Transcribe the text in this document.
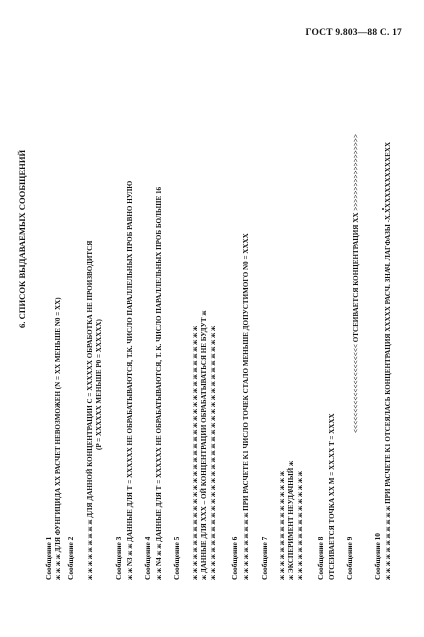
ГОСТ 9.803—88 С. 17
6. СПИСОК ВЫДАВАЕМЫХ СООБЩЕНИЙ
Сообщение 1 ж ж ж ж ДЛЯ ФУНГИЦИДА XX РАСЧЕТ НЕВОЗМОЖЕН (N = XX МЕНЬШЕ N0 = XX) Сообщение 2 ж ж ж ж ж ж ж ж ж ДЛЯ ДАННОЙ КОНЦЕНТРАЦИИ С = XXXXXX ОБРАБОТКА НЕ ПРОИЗВОДИТСЯ (P = XXXXXX МЕНЬШЕ P0 = XXXXXX)
Сообщение 3 ж ж N3 ж ж ДАННЫЕ ДЛЯ Т = XXXXXX НЕ ОБРАБАТЫВАЮТСЯ, Т.К. ЧИСЛО ПАРАЛЛЕЛЬНЫХ ПРОБ РАВНО НУЛЮ Сообщение 4 ж ж N4 ж ж ДАННЫЕ ДЛЯ Т = XXXXXX НЕ ОБРАБАТЫВАЮТСЯ, Т. К. ЧИСЛО ПАРАЛЛЕЛЬНЫХ ПРОБ БОЛЬШЕ 16 Сообщение 5 ж ж ж ж ж ж ж ж ж ж ж ж ж ж ж ж ж ж ж ж ж ж ж ж ж ж ж ж ж ж ж ж ж ж ж ж ж ж ДАННЫЕ ДЛЯ XXX – ОЙ КОНЦЕНТРАЦИИ ОБРАБАТЫВАТЬСЯ НЕ БУДУТ ж ж ж ж ж ж ж ж ж ж ж ж ж ж ж ж ж ж ж ж ж ж ж ж ж ж ж ж ж ж ж ж ж ж ж ж ж ж Сообщение 6 ж ж ж ж ж ж ж ж ж ж ПРИ РАСЧЕТЕ K1 ЧИСЛО ТОЧЕК СТАЛО МЕНЬШЕ ДОПУСТИМОГО N0 = XXXX Сообщение 7 ж ж ж ж ж ж ж ж ж ж ж ж ж ж ж ж ж ЭКСПЕРИМЕНТ НЕУДАЧНЫЙ ж ж ж ж ж ж ж ж ж ж ж ж ж ж ж ж ж Сообщение 8 ОТСЕИВАЕТСЯ ТОЧКА XX М = XX.XX T = XXXX Сообщение 9
<<<<<<<<<<<<<<<<<<<<<< ОТСЕИВАЕТСЯ КОНЦЕНТРАЦИЯ XX >>>>>>>>>>>>>>>>>>>
Сообщение 10 ж ж ж ж ж ж ж ж ж ж ж ПРИ РАСЧЕТЕ K1 ОТСЕЯЛАСЬ КОНЦЕНТРАЦИЯ XXXXX РАСЧ. ЗНАЧ. ЛАГФАЗЫ -X.XXXXXXXXXXXEXX
